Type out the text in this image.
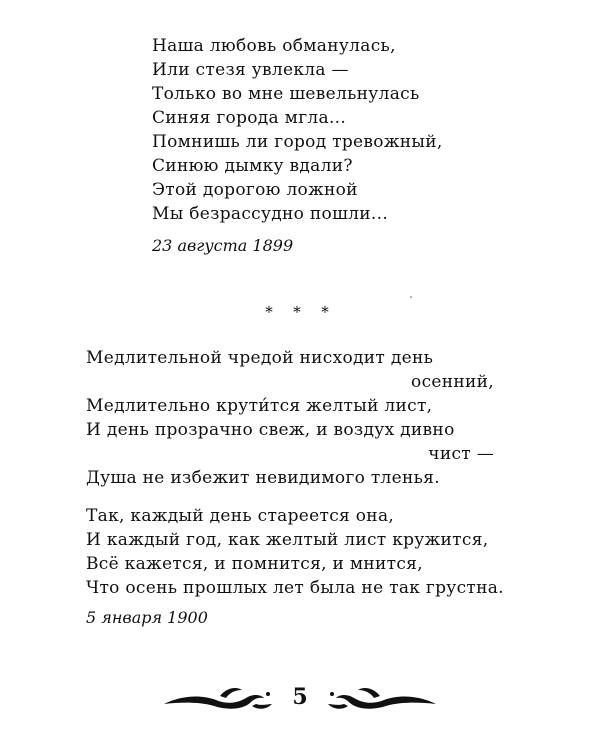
Наша любовь обманулась,
Или стезя увлекла —
Только во мне шевельнулась
Синяя города мгла...
Помнишь ли город тревожный,
Синюю дымку вдали?
Этой дорогою ложной
Мы безрассудно пошли...
23 августа 1899
* * *
Медлительной чредой нисходит день
осенний,
Медлительно крути́тся желтый лист,
И день прозрачно свеж, и воздух дивно
чист —
Душа не избежит невидимого тленья.
Так, каждый день стареется она,
И каждый год, как желтый лист кружится,
Всё кажется, и помнится, и мнится,
Что осень прошлых лет была не так грустна.
5 января 1900
5
